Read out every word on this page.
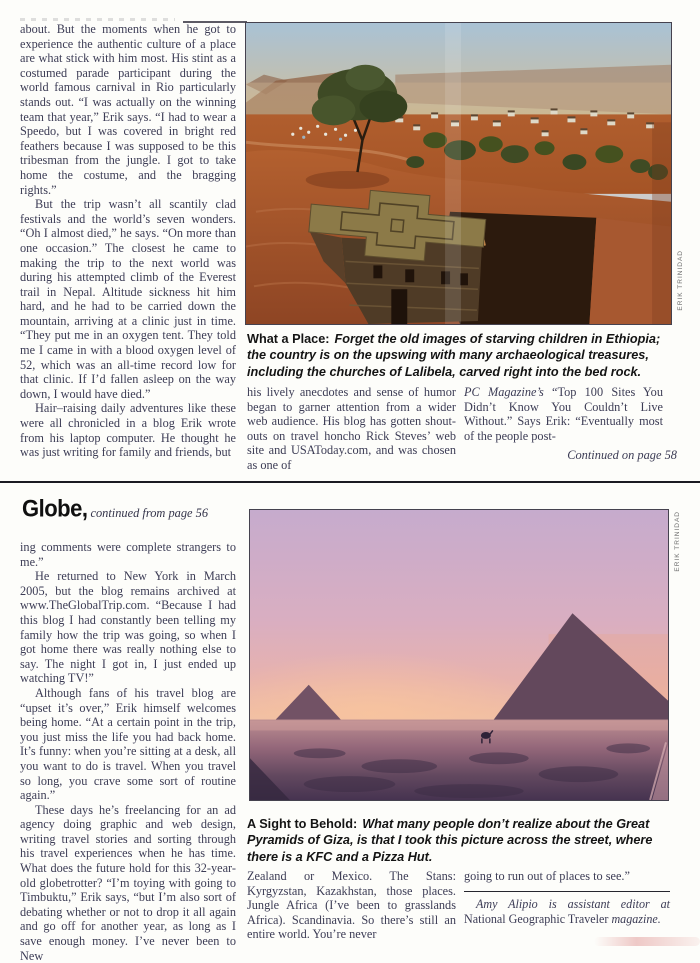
about. But the moments when he got to experience the authentic culture of a place are what stick with him most. His stint as a costumed parade participant during the world famous carnival in Rio particularly stands out. “I was actually on the winning team that year,” Erik says. “I had to wear a Speedo, but I was covered in bright red feathers because I was supposed to be this tribesman from the jungle. I got to take home the costume, and the bragging rights.”

But the trip wasn’t all scantily clad festivals and the world’s seven wonders. “Oh I almost died,” he says. “On more than one occasion.” The closest he came to making the trip to the next world was during his attempted climb of the Everest trail in Nepal. Altitude sickness hit him hard, and he had to be carried down the mountain, arriving at a clinic just in time. “They put me in an oxygen tent. They told me I came in with a blood oxygen level of 52, which was an all-time record low for that clinic. If I’d fallen asleep on the way down, I would have died.”

Hair–raising daily adventures like these were all chronicled in a blog Erik wrote from his laptop computer. He thought he was just writing for family and friends, but

ERIK TRINIDAD
What a Place: Forget the old images of starving children in Ethiopia; the country is on the upswing with many archaeological treasures, including the churches of Lalibela, carved right into the bed rock.

his lively anecdotes and sense of humor began to garner attention from a wider web audience. His blog has gotten shout-outs on travel honcho Rick Steves’ web site and USAToday.com, and was chosen as one of

PC Magazine’s “Top 100 Sites You Didn’t Know You Couldn’t Live Without.” Says Erik: “Eventually most of the people post-

Continued on page 58
Globe, continued from page 56

ing comments were complete strangers to me.”

He returned to New York in March 2005, but the blog remains archived at www.TheGlobalTrip.com. “Because I had this blog I had constantly been telling my family how the trip was going, so when I got home there was really nothing else to say. The night I got in, I just ended up watching TV!”

Although fans of his travel blog are “upset it’s over,” Erik himself welcomes being home. “At a certain point in the trip, you just miss the life you had back home. It’s funny: when you’re sitting at a desk, all you want to do is travel. When you travel so long, you crave some sort of routine again.”

These days he’s freelancing for an ad agency doing graphic and web design, writing travel stories and sorting through his travel experiences when he has time. What does the future hold for this 32-year-old globetrotter? “I’m toying with going to Timbuktu,” Erik says, “but I’m also sort of debating whether or not to drop it all again and go off for another year, as long as I save enough money. I’ve never been to New

ERIK TRINIDAD
A Sight to Behold: What many people don’t realize about the Great Pyramids of Giza, is that I took this picture across the street, where there is a KFC and a Pizza Hut.

Zealand or Mexico. The Stans: Kyrgyzstan, Kazakhstan, those places. Jungle Africa (I’ve been to grasslands Africa). Scandinavia. So there’s still an entire world. You’re never

going to run out of places to see.”

Amy Alipio is assistant editor at National Geographic Traveler magazine.
